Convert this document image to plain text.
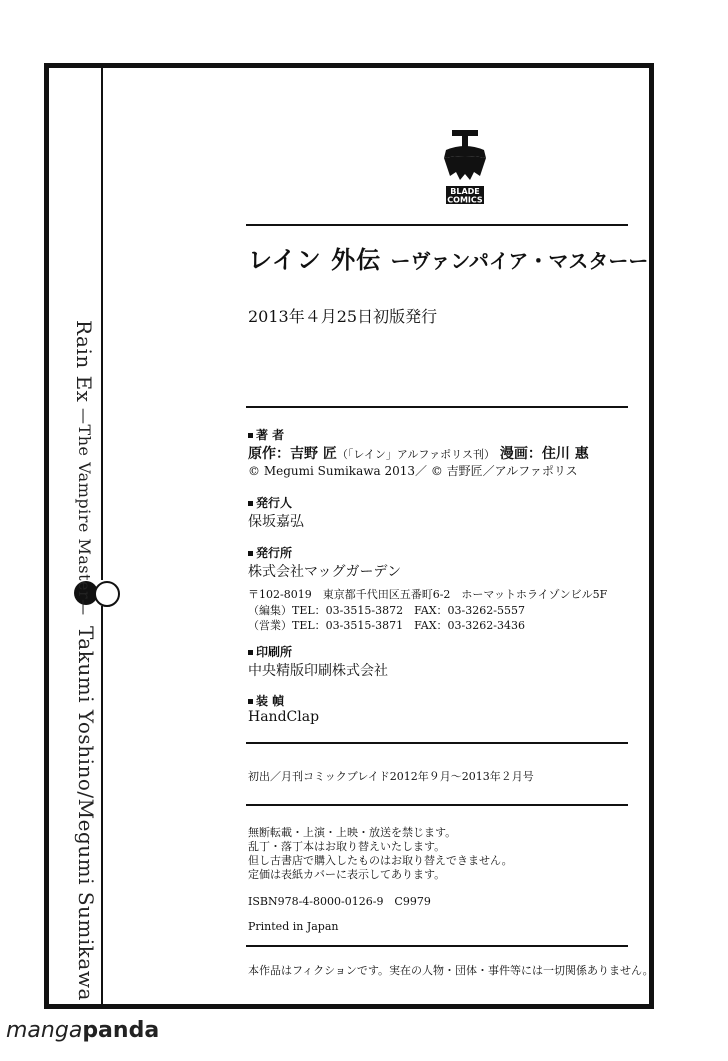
Rain Ex —The Vampire Master—
Takumi Yoshino/Megumi Sumikawa
BLADE
COMICS
レイン 外伝 ーヴァンパイア・マスターー
2013年４月25日初版発行
著 者
原作：吉野 匠（「レイン」アルファポリス刊） 漫画：住川 惠
© Megumi Sumikawa 2013／ © 吉野匠／アルファポリス
発行人
保坂嘉弘
発行所
株式会社マッグガーデン
〒102-8019　東京都千代田区五番町6-2　ホーマットホライゾンビル5F
（編集）TEL：03-3515-3872　FAX：03-3262-5557
（営業）TEL：03-3515-3871　FAX：03-3262-3436
印刷所
中央精版印刷株式会社
装 幀
HandClap
初出／月刊コミックブレイド2012年９月～2013年２月号
無断転載・上演・上映・放送を禁じます。
乱丁・落丁本はお取り替えいたします。
但し古書店で購入したものはお取り替えできません。
定価は表紙カバーに表示してあります。
ISBN978-4-8000-0126-9　C9979
Printed in Japan
本作品はフィクションです。実在の人物・団体・事件等には一切関係ありません。
mangapanda
